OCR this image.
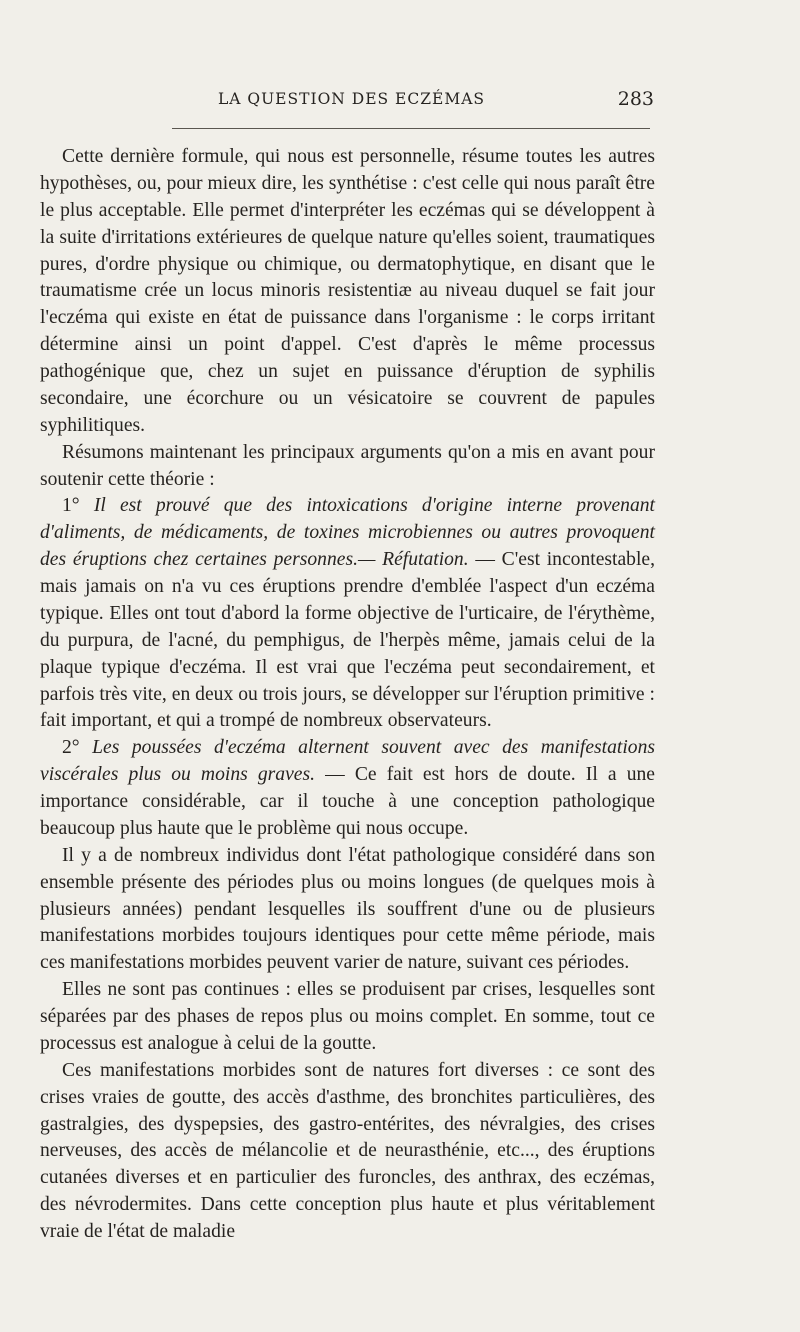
LA QUESTION DES ECZÉMAS	283

Cette dernière formule, qui nous est personnelle, résume toutes les autres hypothèses, ou, pour mieux dire, les synthétise : c'est celle qui nous paraît être le plus acceptable. Elle permet d'interpréter les eczémas qui se développent à la suite d'irritations extérieures de quelque nature qu'elles soient, traumatiques pures, d'ordre physique ou chimique, ou dermatophytique, en disant que le traumatisme crée un locus minoris resistentiæ au niveau duquel se fait jour l'eczéma qui existe en état de puissance dans l'organisme : le corps irritant détermine ainsi un point d'appel. C'est d'après le même processus pathogénique que, chez un sujet en puissance d'éruption de syphilis secondaire, une écorchure ou un vésicatoire se couvrent de papules syphilitiques.

Résumons maintenant les principaux arguments qu'on a mis en avant pour soutenir cette théorie :

1° Il est prouvé que des intoxications d'origine interne provenant d'aliments, de médicaments, de toxines microbiennes ou autres provoquent des éruptions chez certaines personnes.— Réfutation. — C'est incontestable, mais jamais on n'a vu ces éruptions prendre d'emblée l'aspect d'un eczéma typique. Elles ont tout d'abord la forme objective de l'urticaire, de l'érythème, du purpura, de l'acné, du pemphigus, de l'herpès même, jamais celui de la plaque typique d'eczéma. Il est vrai que l'eczéma peut secondairement, et parfois très vite, en deux ou trois jours, se développer sur l'éruption primitive : fait important, et qui a trompé de nombreux observateurs.

2° Les poussées d'eczéma alternent souvent avec des manifestations viscérales plus ou moins graves. — Ce fait est hors de doute. Il a une importance considérable, car il touche à une conception pathologique beaucoup plus haute que le problème qui nous occupe.

Il y a de nombreux individus dont l'état pathologique considéré dans son ensemble présente des périodes plus ou moins longues (de quelques mois à plusieurs années) pendant lesquelles ils souffrent d'une ou de plusieurs manifestations morbides toujours identiques pour cette même période, mais ces manifestations morbides peuvent varier de nature, suivant ces périodes.

Elles ne sont pas continues : elles se produisent par crises, lesquelles sont séparées par des phases de repos plus ou moins complet. En somme, tout ce processus est analogue à celui de la goutte.

Ces manifestations morbides sont de natures fort diverses : ce sont des crises vraies de goutte, des accès d'asthme, des bronchites particulières, des gastralgies, des dyspepsies, des gastro-entérites, des névralgies, des crises nerveuses, des accès de mélancolie et de neurasthénie, etc..., des éruptions cutanées diverses et en particulier des furoncles, des anthrax, des eczémas, des névrodermites. Dans cette conception plus haute et plus véritablement vraie de l'état de maladie
